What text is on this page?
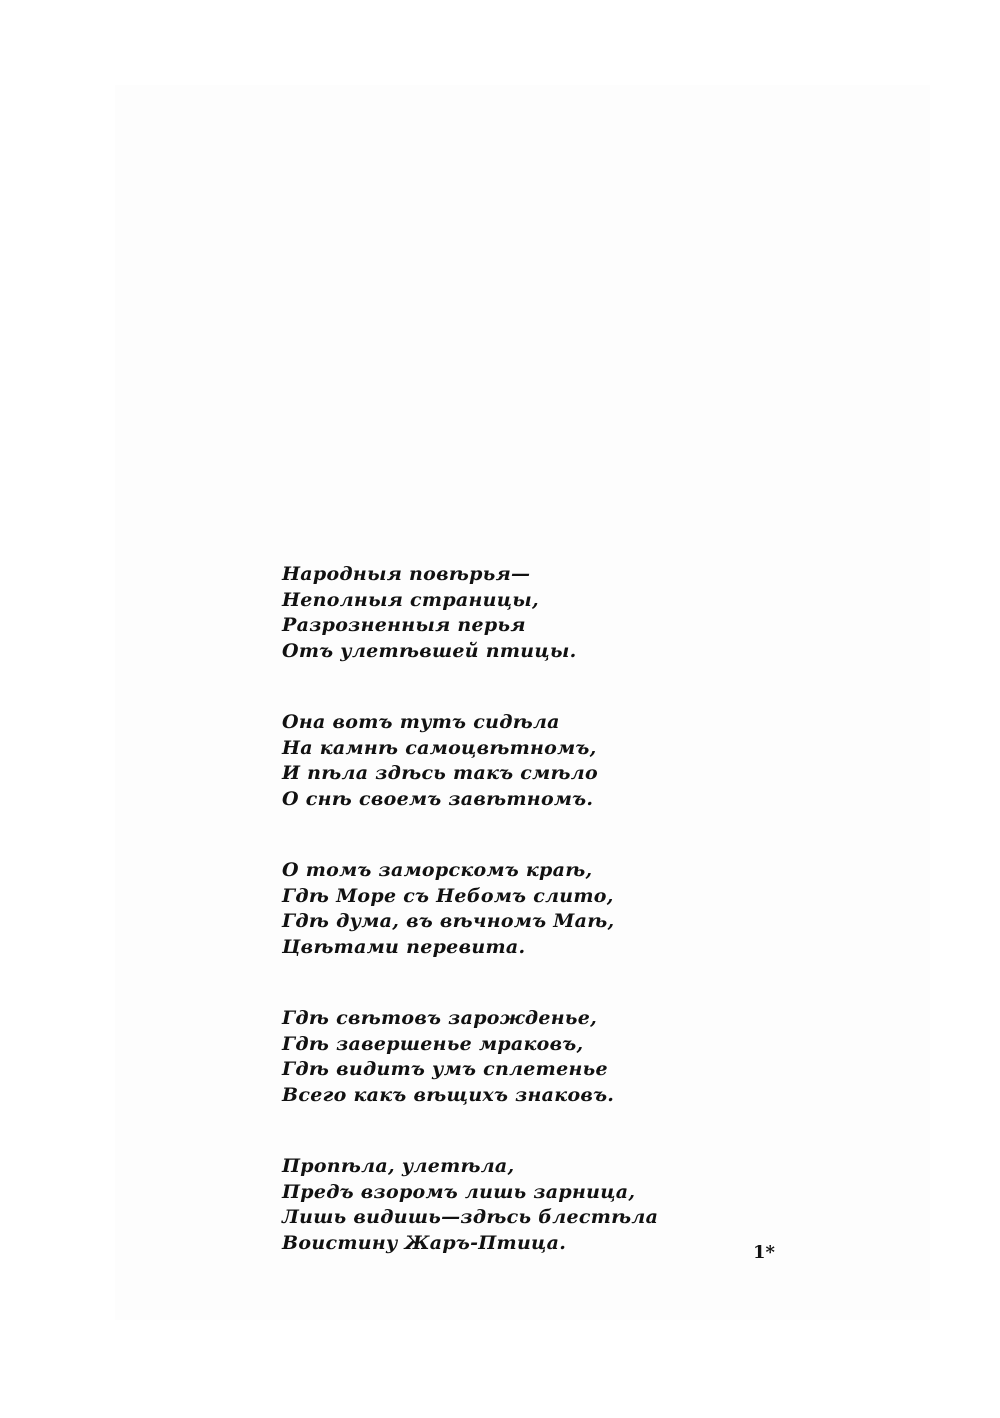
Народныя повѣрья—
Неполныя страницы,
Разрозненныя перья
Отъ улетѣвшей птицы.
Она вотъ тутъ сидѣла
На камнѣ самоцвѣтномъ,
И пѣла здѣсь такъ смѣло
О снѣ своемъ завѣтномъ.
О томъ заморскомъ краѣ,
Гдѣ Море съ Небомъ слито,
Гдѣ дума, въ вѣчномъ Маѣ,
Цвѣтами перевита.
Гдѣ свѣтовъ зарожденье,
Гдѣ завершенье мраковъ,
Гдѣ видитъ умъ сплетенье
Всего какъ вѣщихъ знаковъ.
Пропѣла, улетѣла,
Предъ взоромъ лишь зарница,
Лишь видишь—здѣсь блестѣла
Воистину Жаръ-Птица.	1*
